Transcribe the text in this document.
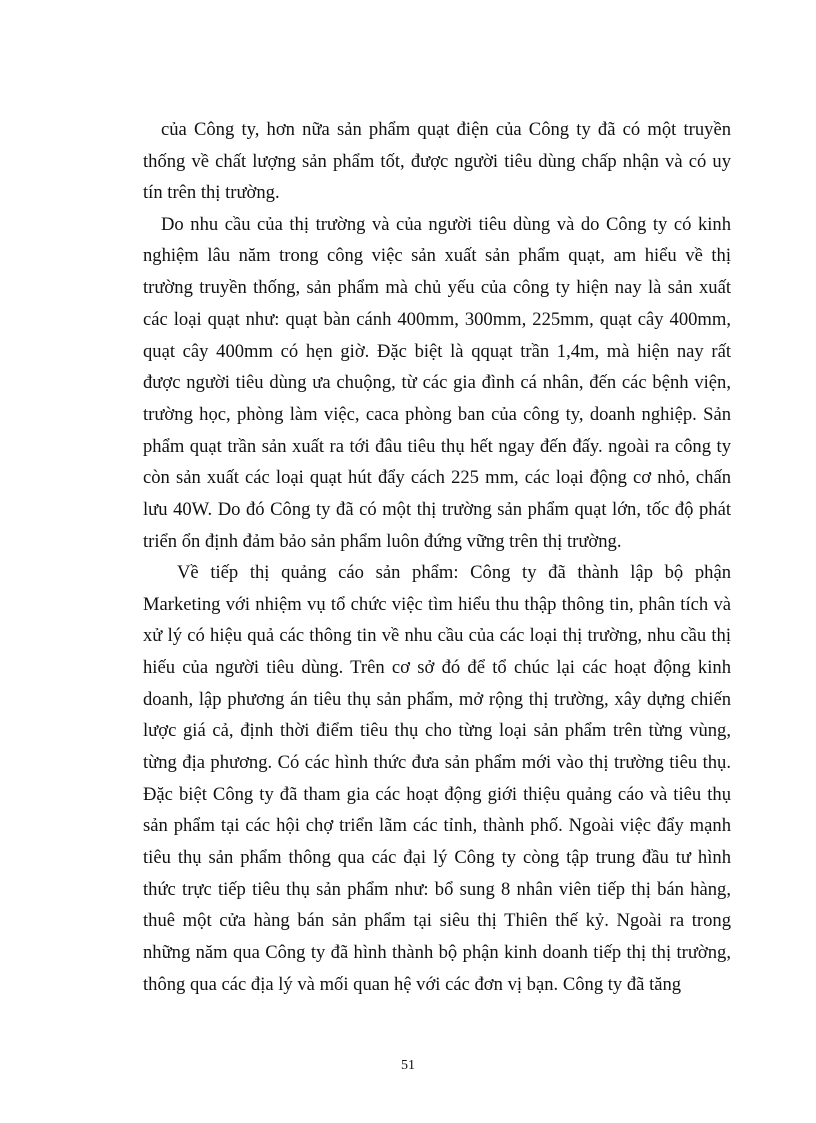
của Công ty, hơn nữa sản phẩm quạt điện của Công ty đã có một truyền
thống về chất lượng sản phẩm tốt, được người tiêu dùng chấp nhận và có uy
tín trên thị trường.
Do nhu cầu của thị trường và của người tiêu dùng và do Công ty có kinh
nghiệm lâu năm trong công việc sản xuất sản phẩm quạt, am hiểu về thị
trường truyền thống, sản phẩm mà chủ yếu của công ty hiện nay là sản xuất
các loại quạt như: quạt bàn cánh 400mm, 300mm, 225mm, quạt cây 400mm,
quạt cây 400mm có hẹn giờ. Đặc biệt là qquạt trần 1,4m, mà hiện nay rất
được người tiêu dùng ưa chuộng, từ các gia đình cá nhân, đến các bệnh viện,
trường học, phòng làm việc, caca phòng ban của công ty, doanh nghiệp. Sản
phẩm quạt trần sản xuất ra tới đâu tiêu thụ hết ngay đến đấy. ngoài ra công ty
còn sản xuất các loại quạt hút đẩy cách 225 mm, các loại động cơ nhỏ, chấn
lưu 40W. Do đó Công ty đã có một thị trường sản phẩm quạt lớn, tốc độ phát
triển ổn định đảm bảo sản phẩm luôn đứng vững trên thị trường.
Về tiếp thị quảng cáo sản phẩm: Công ty đã thành lập bộ phận
Marketing với nhiệm vụ tổ chức việc tìm hiểu thu thập thông tin, phân tích và
xử lý có hiệu quả các thông tin về nhu cầu của các loại thị trường, nhu cầu thị
hiếu của người tiêu dùng. Trên cơ sở đó để tổ chúc lại các hoạt động kinh
doanh, lập phương án tiêu thụ sản phẩm, mở rộng thị trường, xây dựng chiến
lược giá cả, định thời điểm tiêu thụ cho từng loại sản phẩm trên từng vùng,
từng địa phương. Có các hình thức đưa sản phẩm mới vào thị trường tiêu thụ.
Đặc biệt Công ty đã tham gia các hoạt động giới thiệu quảng cáo và tiêu thụ
sản phẩm tại các hội chợ triển lãm các tỉnh, thành phố. Ngoài việc đẩy mạnh
tiêu thụ sản phẩm thông qua các đại lý Công ty còng tập trung đầu tư hình
thức trực tiếp tiêu thụ sản phẩm như: bổ sung 8 nhân viên tiếp thị bán hàng,
thuê một cửa hàng bán sản phẩm tại siêu thị Thiên thế kỷ. Ngoài ra trong
những năm qua Công ty đã hình thành bộ phận kinh doanh tiếp thị thị trường,
thông qua các địa lý và mối quan hệ với các đơn vị bạn. Công ty đã tăng
51
